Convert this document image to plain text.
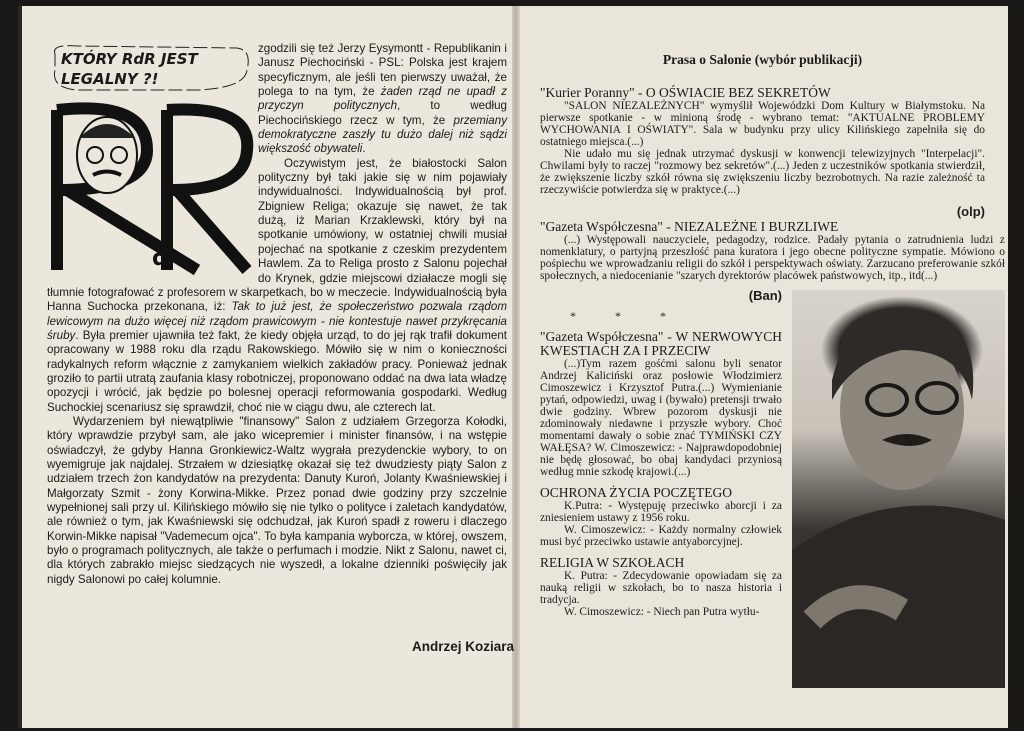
KTÓRY RdR JEST
LEGALNY ?!
d

zgodzili się też Jerzy Eysymontt - Republikanin i Janusz Piechociński - PSL: Polska jest krajem specyficznym, ale jeśli ten pierwszy uważał, że polega to na tym, że żaden rząd ne upadł z przyczyn politycznych, to według Piechocińskiego rzecz w tym, że przemiany demokratyczne zaszły tu dużo dalej niż sądzi większość obywateli.

Oczywistym jest, że białostocki Salon polityczny był taki jakie się w nim pojawiały indywidualności. Indywidualnością był prof. Zbigniew Religa; okazuje się nawet, że tak dużą, iż Marian Krzaklewski, który był na spotkanie umówiony, w ostatniej chwili musiał pojechać na spotkanie z czeskim prezydentem Hawlem. Za to Religa prosto z Salonu pojechał do Krynek, gdzie miejscowi działacze mogli się tłumnie fotografować z profesorem w skarpetkach, bo w meczecie. Indywidualnością była Hanna Suchocka przekonana, iż: Tak to już jest, że społeczeństwo pozwala rządom lewicowym na dużo więcej niż rządom prawicowym - nie kontestuje nawet przykręcania śruby. Była premier ujawniła też fakt, że kiedy objęła urząd, to do jej rąk trafił dokument opracowany w 1988 roku dla rządu Rakowskiego. Mówiło się w nim o konieczności radykalnych reform włącznie z zamykaniem wielkich zakładów pracy. Ponieważ jednak groziło to partii utratą zaufania klasy robotniczej, proponowano oddać na dwa lata władzę opozycji i wrócić, jak będzie po bolesnej operacji reformowania gospodarki. Według Suchockiej scenariusz się sprawdził, choć nie w ciągu dwu, ale czterech lat.

Wydarzeniem był niewątpliwie "finansowy" Salon z udziałem Grzegorza Kołodki, który wprawdzie przybył sam, ale jako wicepremier i minister finansów, i na wstępie oświadczył, że gdyby Hanna Gronkiewicz-Waltz wygrała prezydenckie wybory, to on wyemigruje jak najdalej. Strzałem w dziesiątkę okazał się też dwudziesty piąty Salon z udziałem trzech żon kandydatów na prezydenta: Danuty Kuroń, Jolanty Kwaśniewskiej i Małgorzaty Szmit - żony Korwina-Mikke. Przez ponad dwie godziny przy szczelnie wypełnionej sali przy ul. Kilińskiego mówiło się nie tylko o polityce i zaletach kandydatów, ale również o tym, jak Kwaśniewski się odchudzał, jak Kuroń spadł z roweru i dlaczego Korwin-Mikke napisał "Vademecum ojca". To była kampania wyborcza, w której, owszem, było o programach politycznych, ale także o perfumach i modzie. Nikt z Salonu, nawet ci, dla których zabrakło miejsc siedzących nie wyszedł, a lokalne dzienniki poświęciły jak nigdy Salonowi po całej kolumnie.

Andrzej Koziara
Prasa o Salonie (wybór publikacji)

"Kurier Poranny" - O OŚWIACIE BEZ SEKRETÓW

"SALON NIEZALEŻNYCH" wymyślił Wojewódzki Dom Kultury w Białymstoku. Na pierwsze spotkanie - w minioną środę - wybrano temat: "AKTUALNE PROBLEMY WYCHOWANIA I OŚWIATY". Sala w budynku przy ulicy Kilińskiego zapełniła się do ostatniego miejsca.(...)

Nie udało mu się jednak utrzymać dyskusji w konwencji telewizyjnych "Interpelacji". Chwilami były to raczej "rozmowy bez sekretów".(...) Jeden z uczestników spotkania stwierdził, że zwiększenie liczby szkół równa się zwiększeniu liczby bezrobotnych. Na razie zależność ta rzeczywiście potwierdza się w praktyce.(...)

(olp)

"Gazeta Współczesna" - NIEZALEŻNE I BURZLIWE

(...) Występowali nauczyciele, pedagodzy, rodzice. Padały pytania o zatrudnienia ludzi z nomenklatury, o partyjną przeszłość pana kuratora i jego obecne polityczne sympatie. Mówiono o pośpiechu we wprowadzaniu religii do szkół i perspektywach oświaty. Zarzucano preferowanie szkół społecznych, a niedocenianie "szarych dyrektorów placówek państwowych, itp., itd(...)

(Ban)

* * *

"Gazeta Współczesna" - W NERWOWYCH KWESTIACH ZA I PRZECIW

(...)Tym razem gośćmi salonu byli senator Andrzej Kaliciński oraz posłowie Włodzimierz Cimoszewicz i Krzysztof Putra.(...) Wymienianie pytań, odpowiedzi, uwag i (bywało) pretensji trwało dwie godziny. Wbrew pozorom dyskusji nie zdominowały niedawne i przyszłe wybory. Choć momentami dawały o sobie znać TYMIŃSKI CZY WAŁĘSA? W. Cimoszewicz: - Najprawdopodobniej nie będę głosować, bo obaj kandydaci przyniosą według mnie szkodę krajowi.(...)

OCHRONA ŻYCIA POCZĘTEGO

K.Putra: - Występuję przeciwko aborcji i za zniesieniem ustawy z 1956 roku.

W. Cimoszewicz: - Każdy normalny człowiek musi być przeciwko ustawie antyaborcyjnej.

RELIGIA W SZKOŁACH

K. Putra: - Zdecydowanie opowiadam się za nauką religii w szkołach, bo to nasza historia i tradycja.

W. Cimoszewicz: - Niech pan Putra wytłu-
